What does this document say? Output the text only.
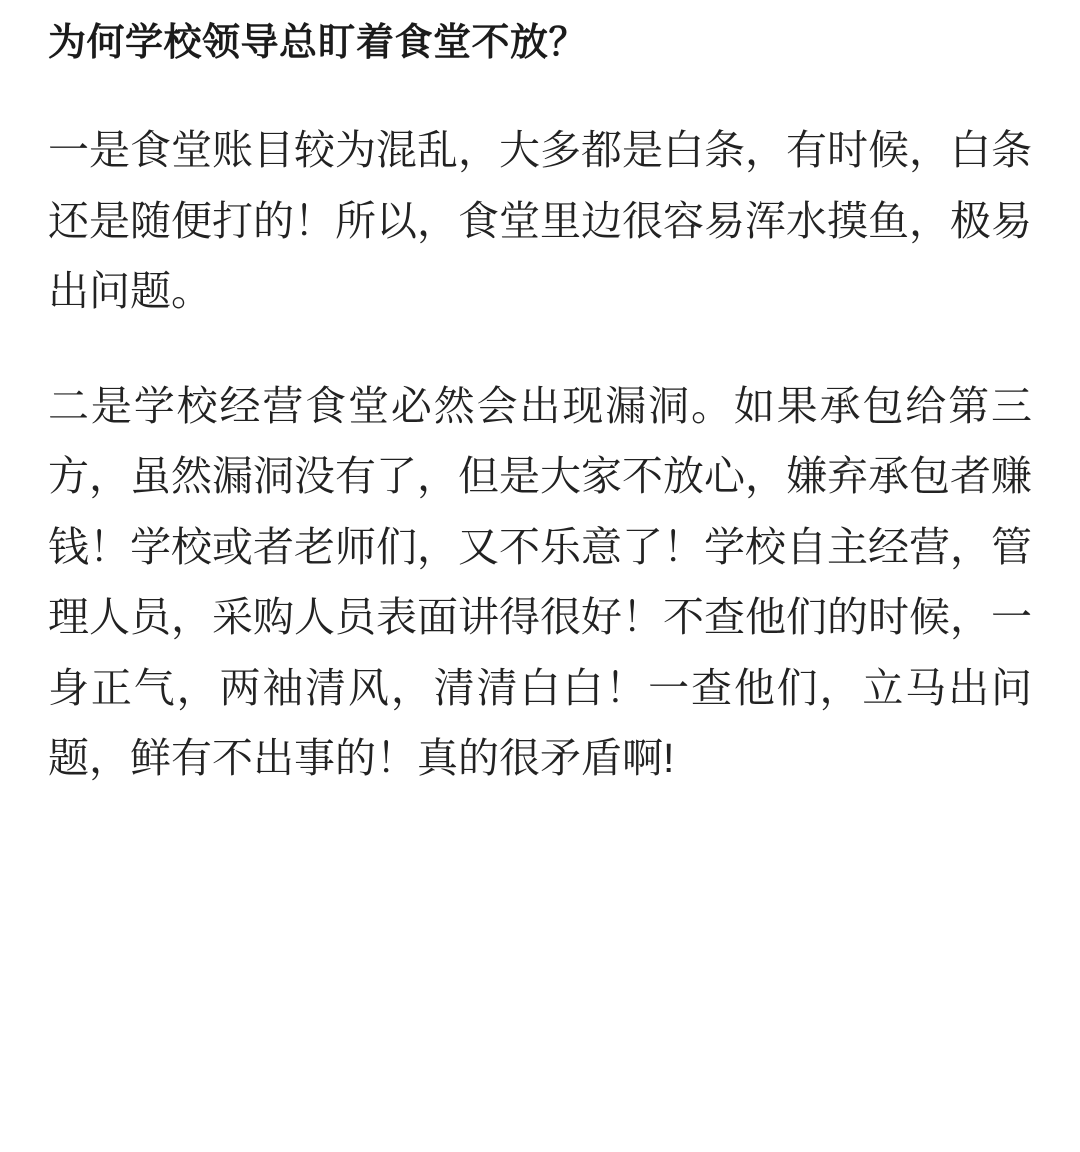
为何学校领导总盯着食堂不放？

一是食堂账目较为混乱，大多都是白条，有时候，白条还是随便打的！所以，食堂里边很容易浑水摸鱼，极易出问题。

二是学校经营食堂必然会出现漏洞。如果承包给第三方，虽然漏洞没有了，但是大家不放心，嫌弃承包者赚钱！学校或者老师们，又不乐意了！学校自主经营，管理人员，采购人员表面讲得很好！不查他们的时候，一身正气，两袖清风，清清白白！一查他们，立马出问题，鲜有不出事的！真的很矛盾啊!
